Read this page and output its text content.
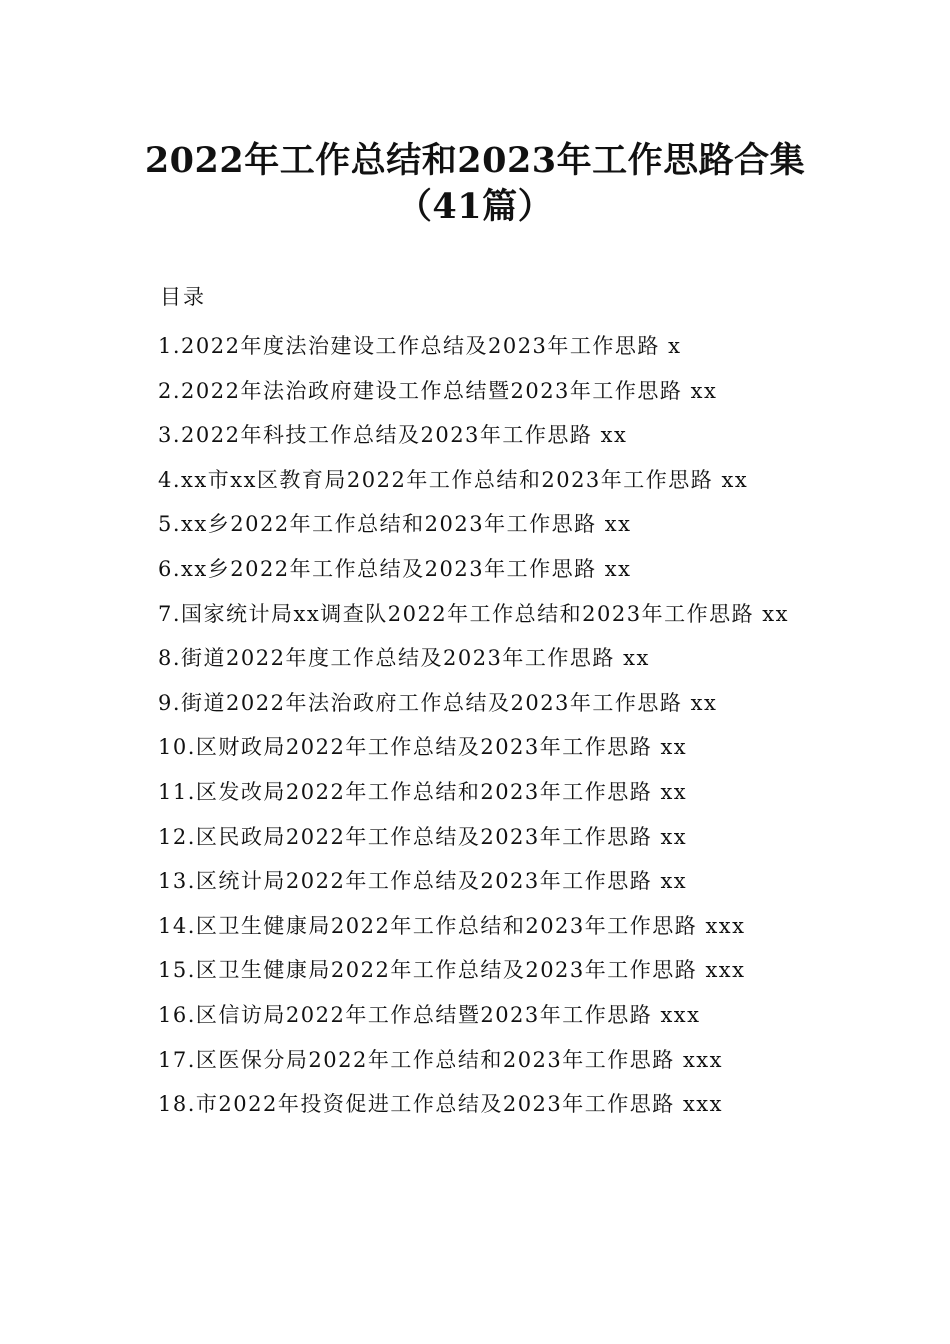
2022年工作总结和2023年工作思路合集（41篇）

目录

1.2022年度法治建设工作总结及2023年工作思路 x
2.2022年法治政府建设工作总结暨2023年工作思路 xx
3.2022年科技工作总结及2023年工作思路 xx
4.xx市xx区教育局2022年工作总结和2023年工作思路 xx
5.xx乡2022年工作总结和2023年工作思路 xx
6.xx乡2022年工作总结及2023年工作思路 xx
7.国家统计局xx调查队2022年工作总结和2023年工作思路 xx
8.街道2022年度工作总结及2023年工作思路 xx
9.街道2022年法治政府工作总结及2023年工作思路 xx
10.区财政局2022年工作总结及2023年工作思路 xx
11.区发改局2022年工作总结和2023年工作思路 xx
12.区民政局2022年工作总结及2023年工作思路 xx
13.区统计局2022年工作总结及2023年工作思路 xx
14.区卫生健康局2022年工作总结和2023年工作思路 xxx
15.区卫生健康局2022年工作总结及2023年工作思路 xxx
16.区信访局2022年工作总结暨2023年工作思路 xxx
17.区医保分局2022年工作总结和2023年工作思路 xxx
18.市2022年投资促进工作总结及2023年工作思路 xxx
